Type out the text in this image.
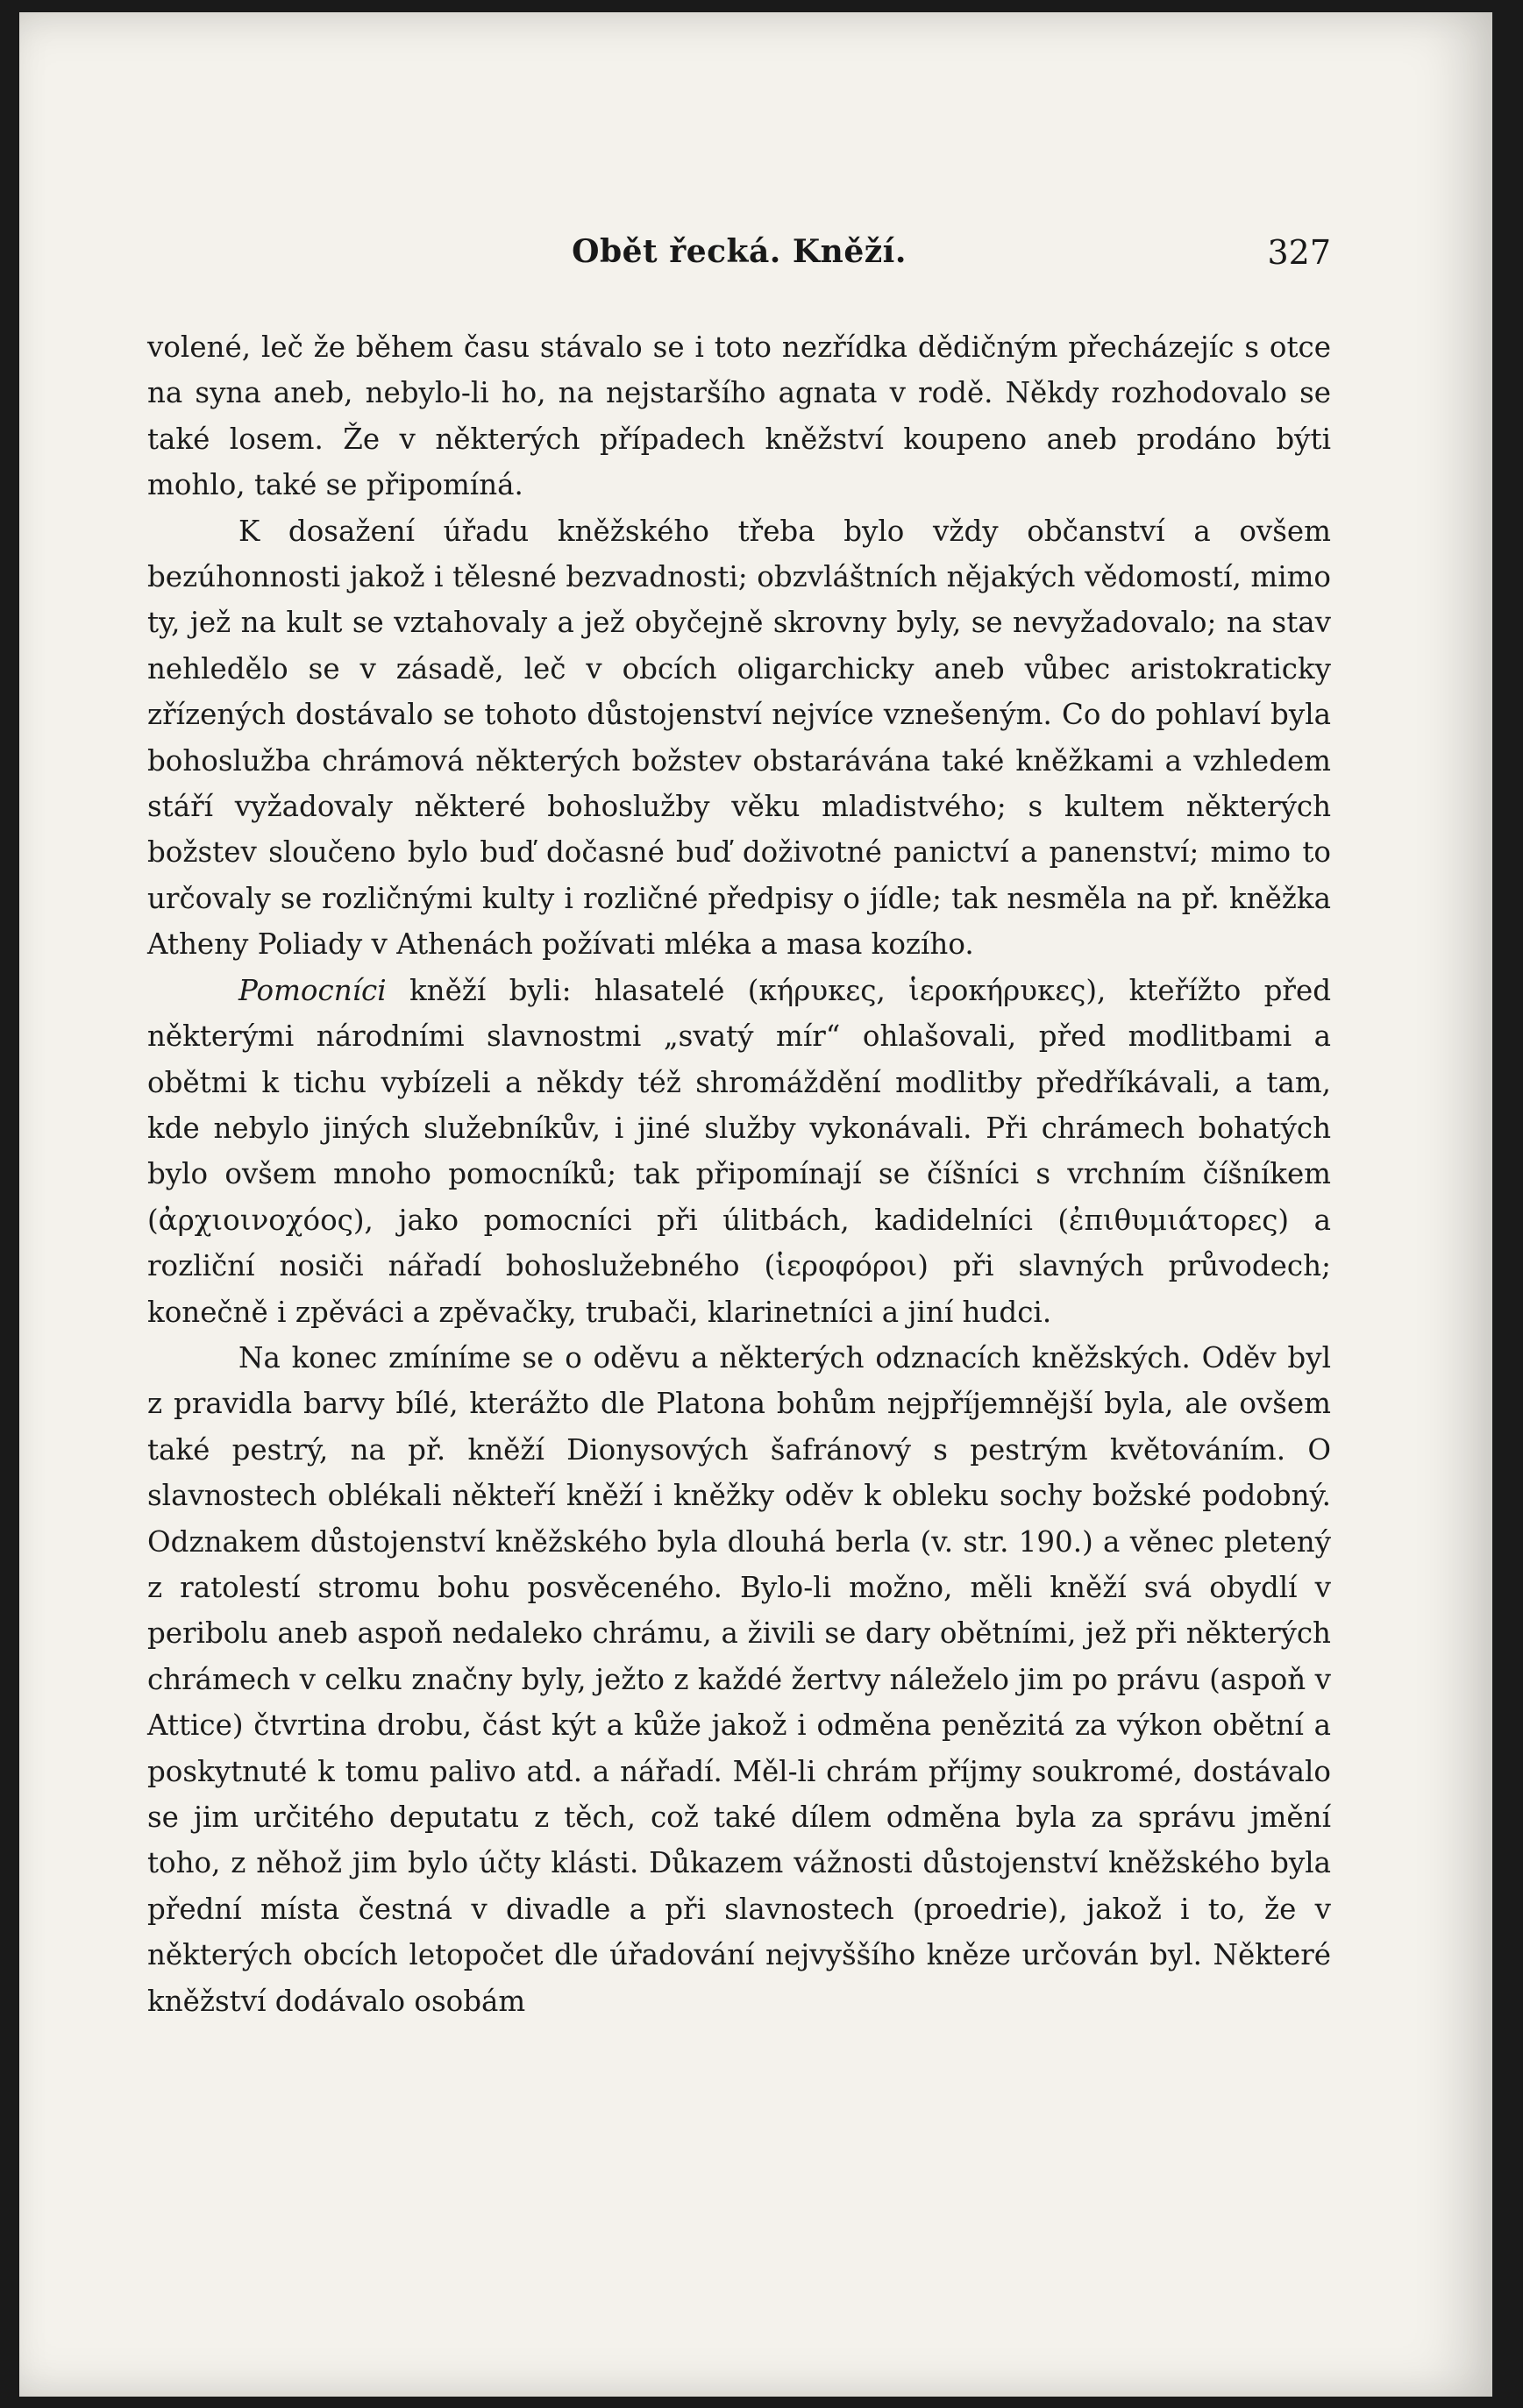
Obět řecká. Kněží.	327

volené, leč že během času stávalo se i toto nezřídka dědičným přecházejíc s otce na syna aneb, nebylo-li ho, na nejstaršího agnata v rodě. Někdy rozhodovalo se také losem. Že v některých případech kněžství koupeno aneb prodáno býti mohlo, také se připomíná.

K dosažení úřadu kněžského třeba bylo vždy občanství a ovšem bezúhonnosti jakož i tělesné bezvadnosti; obzvláštních nějakých vědomostí, mimo ty, jež na kult se vztahovaly a jež obyčejně skrovny byly, se nevyžadovalo; na stav nehledělo se v zásadě, leč v obcích oligarchicky aneb vůbec aristokraticky zřízených dostávalo se tohoto důstojenství nejvíce vznešeným. Co do pohlaví byla bohoslužba chrámová některých božstev obstarávána také kněžkami a vzhledem stáří vyžadovaly některé bohoslužby věku mladistvého; s kultem některých božstev sloučeno bylo buď dočasné buď doživotné panictví a panenství; mimo to určovaly se rozličnými kulty i rozličné předpisy o jídle; tak nesměla na př. kněžka Atheny Poliady v Athenách požívati mléka a masa kozího.

Pomocníci kněží byli: hlasatelé (κήρυκες, ἱεροκήρυκες), kteřížto před některými národními slavnostmi „svatý mír“ ohlašovali, před modlitbami a obětmi k tichu vybízeli a někdy též shromáždění modlitby předříkávali, a tam, kde nebylo jiných služebníkův, i jiné služby vykonávali. Při chrámech bohatých bylo ovšem mnoho pomocníků; tak připomínají se číšníci s vrchním číšníkem (ἀρχιοινοχόος), jako pomocníci při úlitbách, kadidelníci (ἐπιθυμιάτορες) a rozliční nosiči nářadí bohoslužebného (ἱεροφόροι) při slavných průvodech; konečně i zpěváci a zpěvačky, trubači, klarinetníci a jiní hudci.

Na konec zmíníme se o oděvu a některých odznacích kněžských. Oděv byl z pravidla barvy bílé, kterážto dle Platona bohům nejpříjemnější byla, ale ovšem také pestrý, na př. kněží Dionysových šafránový s pestrým květováním. O slavnostech oblékali někteří kněží i kněžky oděv k obleku sochy božské podobný. Odznakem důstojenství kněžského byla dlouhá berla (v. str. 190.) a věnec pletený z ratolestí stromu bohu posvěceného. Bylo-li možno, měli kněží svá obydlí v peribolu aneb aspoň nedaleko chrámu, a živili se dary obětními, jež při některých chrámech v celku značny byly, ježto z každé žertvy náleželo jim po právu (aspoň v Attice) čtvrtina drobu, část kýt a kůže jakož i odměna penězitá za výkon obětní a poskytnuté k tomu palivo atd. a nářadí. Měl-li chrám příjmy soukromé, dostávalo se jim určitého deputatu z těch, což také dílem odměna byla za správu jmění toho, z něhož jim bylo účty klásti. Důkazem vážnosti důstojenství kněžského byla přední místa čestná v divadle a při slavnostech (proedrie), jakož i to, že v některých obcích letopočet dle úřadování nejvyššího kněze určován byl. Některé kněžství dodávalo osobám
